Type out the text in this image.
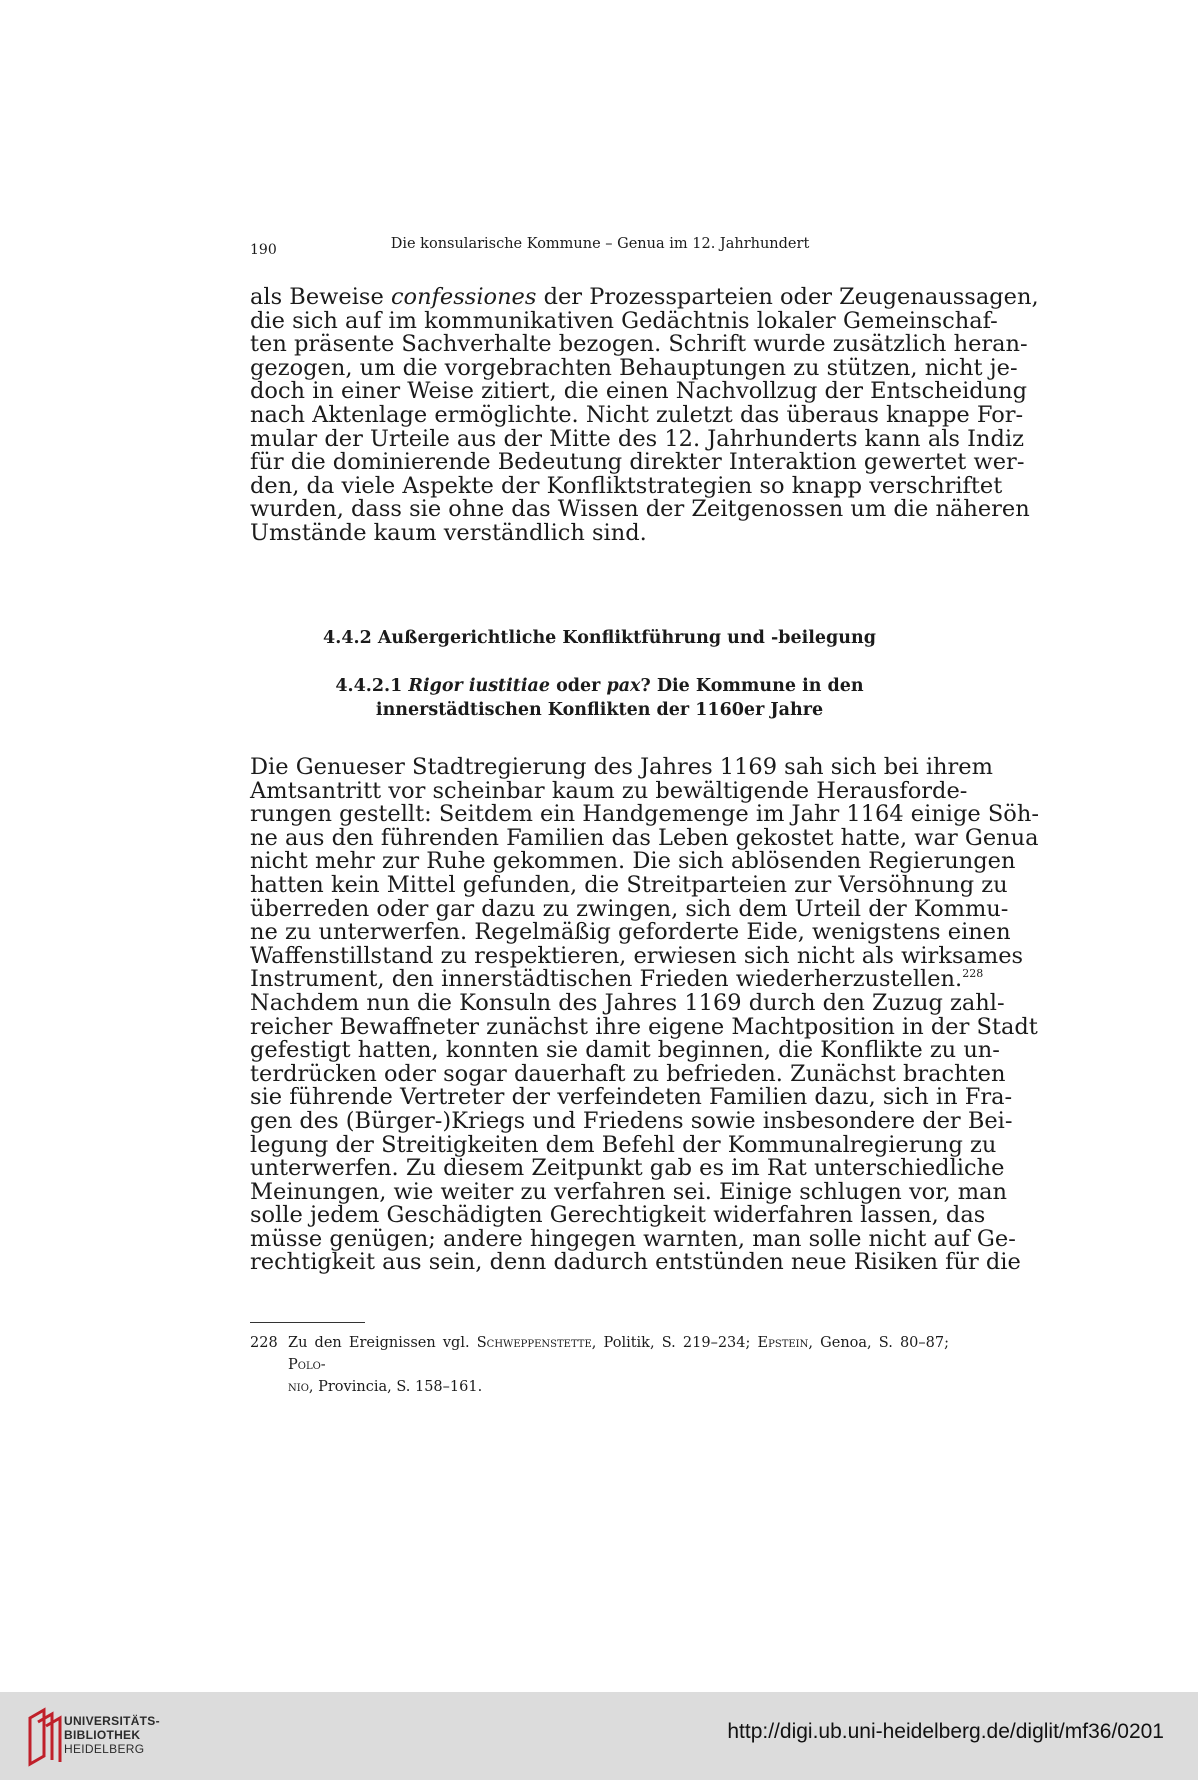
190	Die konsularische Kommune – Genua im 12. Jahrhundert
als Beweise confessiones der Prozessparteien oder Zeugenaussagen,
die sich auf im kommunikativen Gedächtnis lokaler Gemeinschaf-
ten präsente Sachverhalte bezogen. Schrift wurde zusätzlich heran-
gezogen, um die vorgebrachten Behauptungen zu stützen, nicht je-
doch in einer Weise zitiert, die einen Nachvollzug der Entscheidung
nach Aktenlage ermöglichte. Nicht zuletzt das überaus knappe For-
mular der Urteile aus der Mitte des 12. Jahrhunderts kann als Indiz
für die dominierende Bedeutung direkter Interaktion gewertet wer-
den, da viele Aspekte der Konfliktstrategien so knapp verschriftet
wurden, dass sie ohne das Wissen der Zeitgenossen um die näheren
Umstände kaum verständlich sind.
4.4.2 Außergerichtliche Konfliktführung und -beilegung
4.4.2.1 Rigor iustitiae oder pax? Die Kommune in den
innerstädtischen Konflikten der 1160er Jahre
Die Genueser Stadtregierung des Jahres 1169 sah sich bei ihrem
Amtsantritt vor scheinbar kaum zu bewältigende Herausforde-
rungen gestellt: Seitdem ein Handgemenge im Jahr 1164 einige Söh-
ne aus den führenden Familien das Leben gekostet hatte, war Genua
nicht mehr zur Ruhe gekommen. Die sich ablösenden Regierungen
hatten kein Mittel gefunden, die Streitparteien zur Versöhnung zu
überreden oder gar dazu zu zwingen, sich dem Urteil der Kommu-
ne zu unterwerfen. Regelmäßig geforderte Eide, wenigstens einen
Waffenstillstand zu respektieren, erwiesen sich nicht als wirksames
Instrument, den innerstädtischen Frieden wiederherzustellen.$^{228}$
Nachdem nun die Konsuln des Jahres 1169 durch den Zuzug zahl-
reicher Bewaffneter zunächst ihre eigene Machtposition in der Stadt
gefestigt hatten, konnten sie damit beginnen, die Konflikte zu un-
terdrücken oder sogar dauerhaft zu befrieden. Zunächst brachten
sie führende Vertreter der verfeindeten Familien dazu, sich in Fra-
gen des (Bürger-)Kriegs und Friedens sowie insbesondere der Bei-
legung der Streitigkeiten dem Befehl der Kommunalregierung zu
unterwerfen. Zu diesem Zeitpunkt gab es im Rat unterschiedliche
Meinungen, wie weiter zu verfahren sei. Einige schlugen vor, man
solle jedem Geschädigten Gerechtigkeit widerfahren lassen, das
müsse genügen; andere hingegen warnten, man solle nicht auf Ge-
rechtigkeit aus sein, denn dadurch entstünden neue Risiken für die
228 Zu den Ereignissen vgl. Schweppenstette, Politik, S. 219–234; Epstein, Genoa, S. 80–87; Polo-
nio, Provincia, S. 158–161.
UNIVERSITÄTS-
BIBLIOTHEK
HEIDELBERG
http://digi.ub.uni-heidelberg.de/diglit/mf36/0201
